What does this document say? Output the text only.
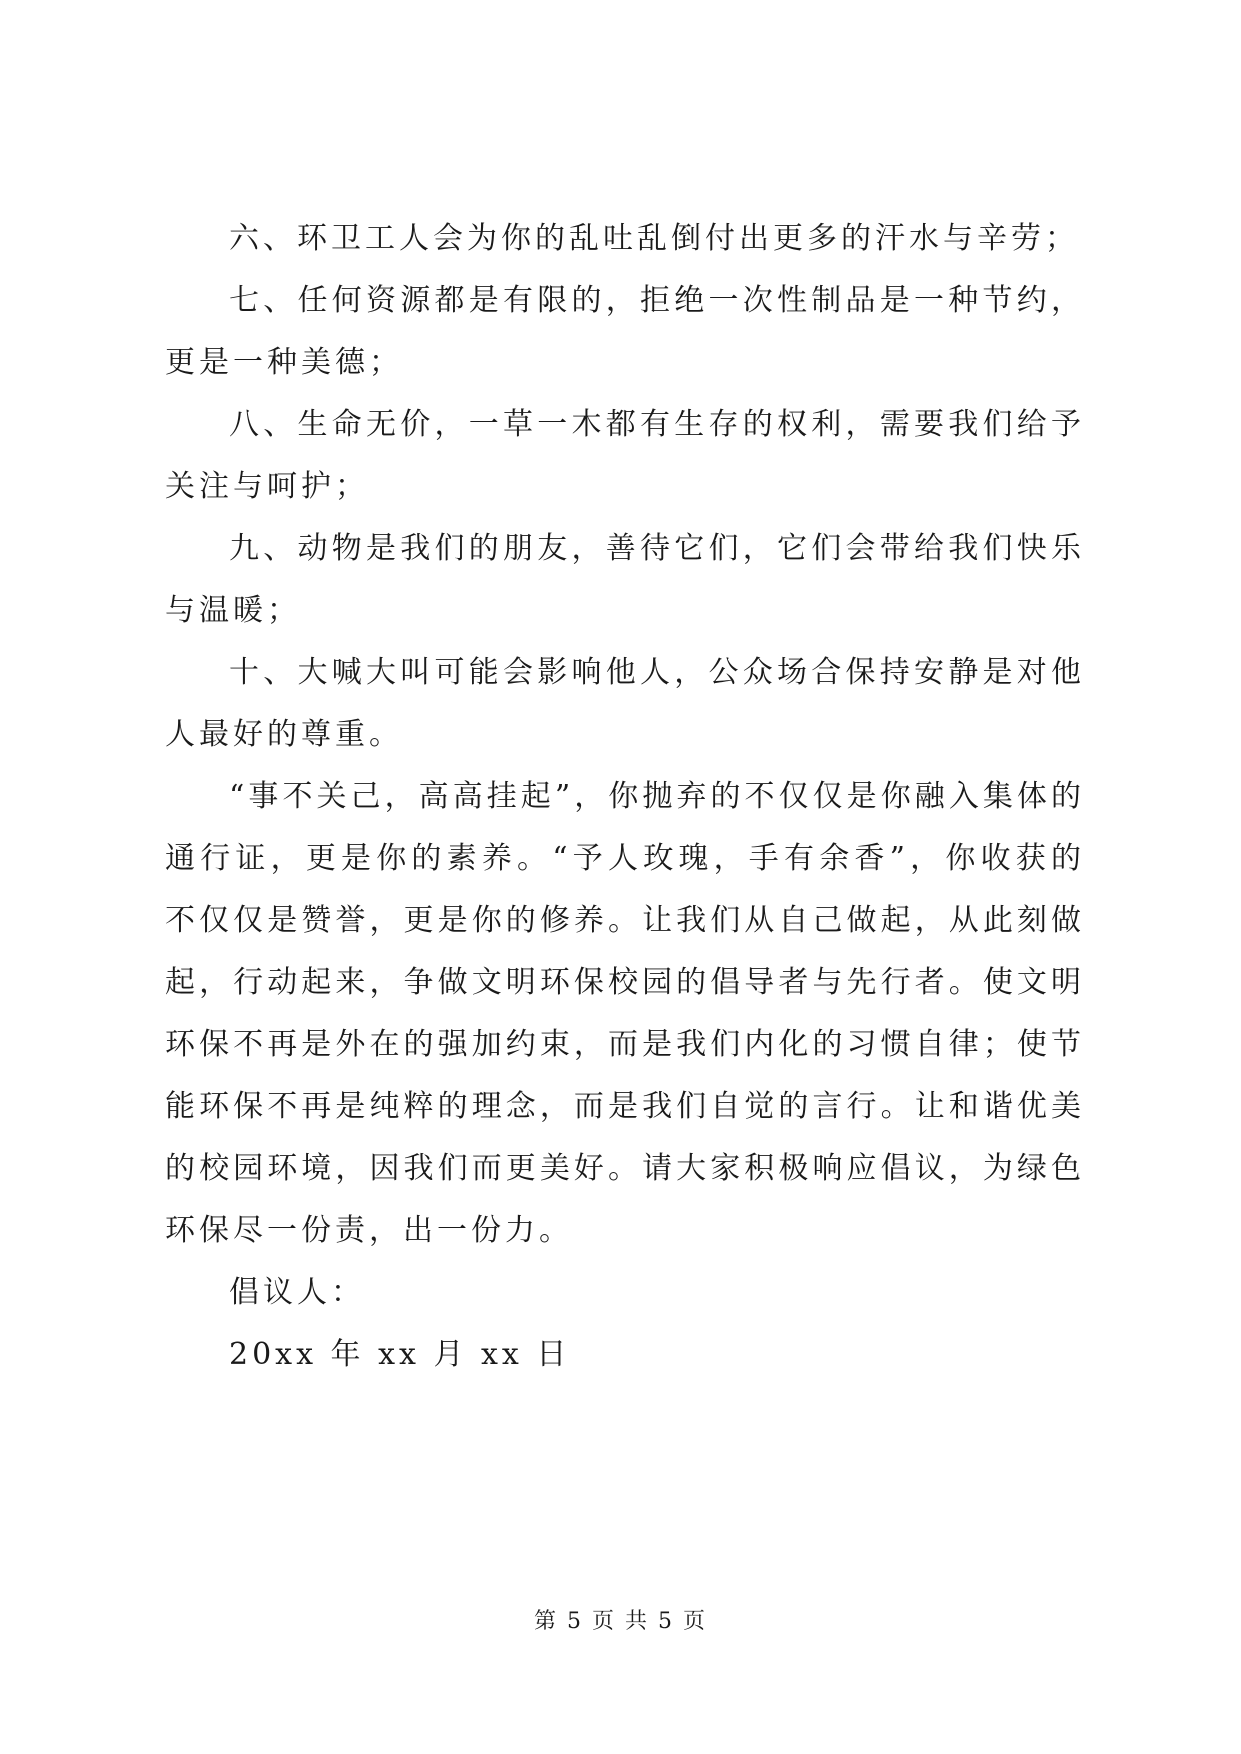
六、环卫工人会为你的乱吐乱倒付出更多的汗水与辛劳；

七、任何资源都是有限的，拒绝一次性制品是一种节约，更是一种美德；

八、生命无价，一草一木都有生存的权利，需要我们给予关注与呵护；

九、动物是我们的朋友，善待它们，它们会带给我们快乐与温暖；

十、大喊大叫可能会影响他人，公众场合保持安静是对他人最好的尊重。

“事不关己，高高挂起”，你抛弃的不仅仅是你融入集体的通行证，更是你的素养。“予人玫瑰，手有余香”，你收获的不仅仅是赞誉，更是你的修养。让我们从自己做起，从此刻做起，行动起来，争做文明环保校园的倡导者与先行者。使文明环保不再是外在的强加约束，而是我们内化的习惯自律；使节能环保不再是纯粹的理念，而是我们自觉的言行。让和谐优美的校园环境，因我们而更美好。请大家积极响应倡议，为绿色环保尽一份责，出一份力。

倡议人：

20xx 年 xx 月 xx 日

第 5 页 共 5 页
